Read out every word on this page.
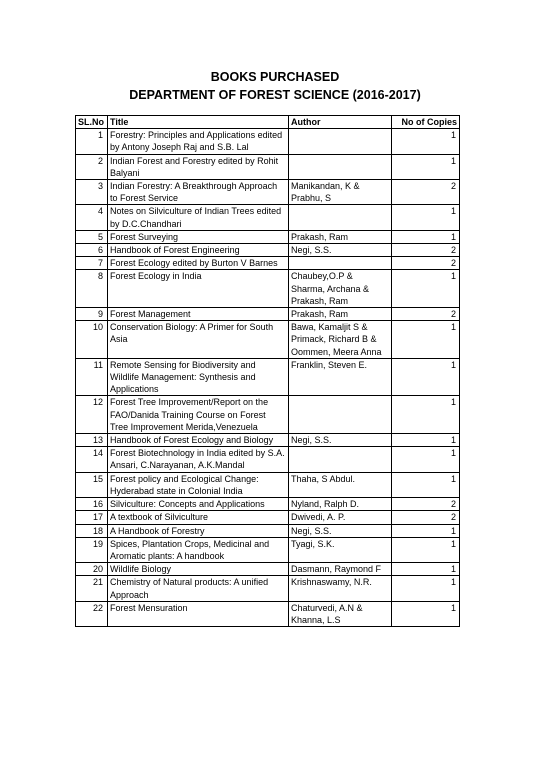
BOOKS PURCHASED
DEPARTMENT OF FOREST SCIENCE (2016-2017)
SL.No	Title	Author	No of Copies
1	Forestry: Principles and Applications edited by Antony Joseph Raj and S.B. Lal		1
2	Indian Forest and Forestry edited by Rohit Balyani		1
3	Indian Forestry: A Breakthrough Approach to Forest Service	Manikandan, K & Prabhu, S	2
4	Notes on Silviculture of Indian Trees edited by D.C.Chandhari		1
5	Forest Surveying	Prakash, Ram	1
6	Handbook of Forest Engineering	Negi, S.S.	2
7	Forest Ecology edited by Burton V Barnes		2
8	Forest Ecology in India	Chaubey,O.P & Sharma, Archana & Prakash, Ram	1
9	Forest Management	Prakash, Ram	2
10	Conservation Biology: A Primer for South Asia	Bawa, Kamaljit S & Primack, Richard B & Oommen, Meera Anna	1
11	Remote Sensing for Biodiversity and Wildlife Management: Synthesis and Applications	Franklin, Steven E.	1
12	Forest Tree Improvement/Report on the FAO/Danida Training Course on Forest Tree Improvement Merida,Venezuela		1
13	Handbook of Forest Ecology and Biology	Negi, S.S.	1
14	Forest Biotechnology in India edited by S.A. Ansari, C.Narayanan, A.K.Mandal		1
15	Forest policy and Ecological Change: Hyderabad state in Colonial India	Thaha, S Abdul.	1
16	Silviculture: Concepts and Applications	Nyland, Ralph D.	2
17	A textbook of Silviculture	Dwivedi, A. P.	2
18	A Handbook of Forestry	Negi, S.S.	1
19	Spices, Plantation Crops, Medicinal and Aromatic plants: A handbook	Tyagi, S.K.	1
20	Wildlife Biology	Dasmann, Raymond F	1
21	Chemistry of Natural products: A unified Approach	Krishnaswamy, N.R.	1
22	Forest Mensuration	Chaturvedi, A.N & Khanna, L.S	1
